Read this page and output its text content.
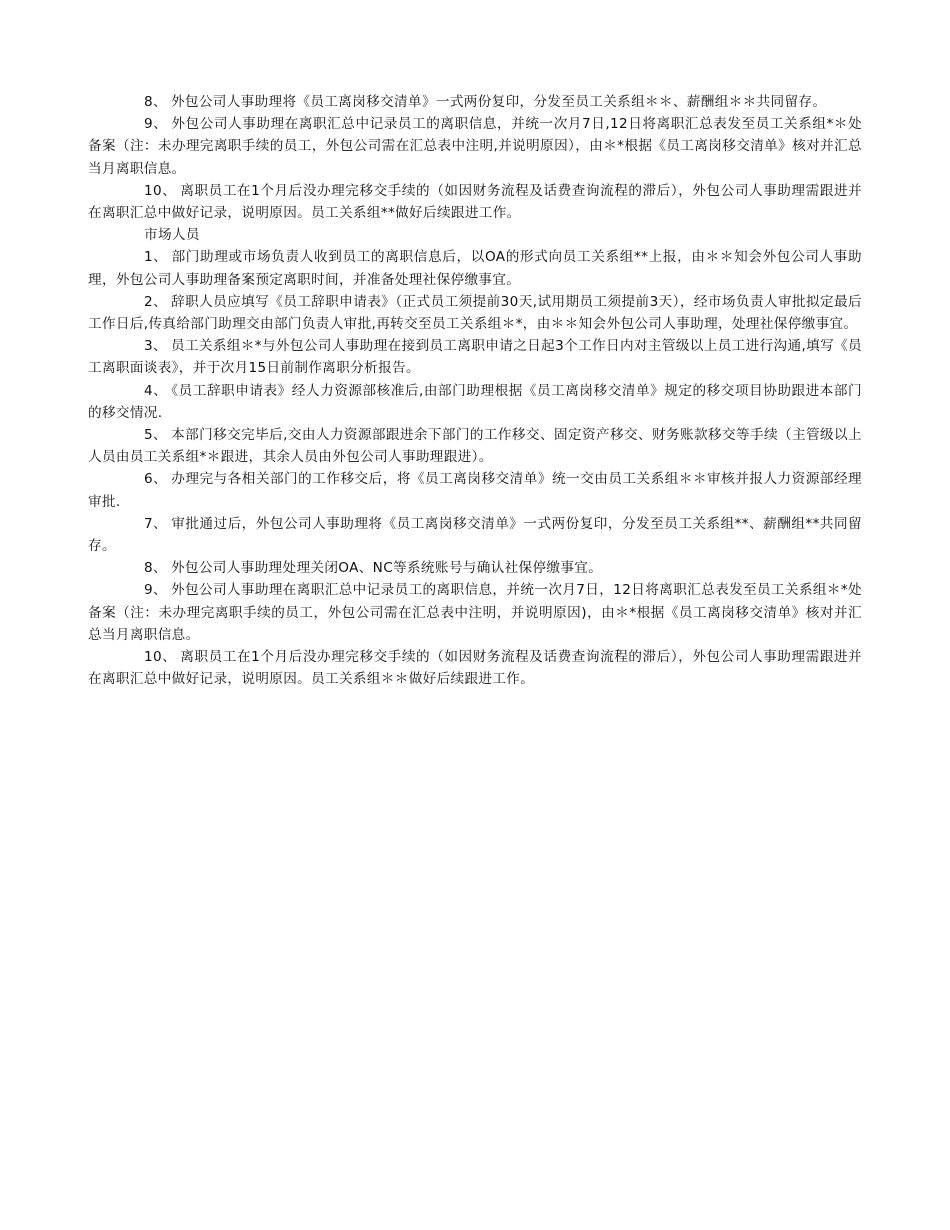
8、 外包公司人事助理将《员工离岗移交清单》一式两份复印，分发至员工关系组＊＊、薪酬组＊＊共同留存。

9、 外包公司人事助理在离职汇总中记录员工的离职信息，并统一次月7日,12日将离职汇总表发至员工关系组*＊处备案（注：未办理完离职手续的员工，外包公司需在汇总表中注明,并说明原因），由＊*根据《员工离岗移交清单》核对并汇总当月离职信息。

10、 离职员工在1个月后没办理完移交手续的（如因财务流程及话费查询流程的滞后），外包公司人事助理需跟进并在离职汇总中做好记录，说明原因。员工关系组**做好后续跟进工作。

市场人员

1、 部门助理或市场负责人收到员工的离职信息后，以OA的形式向员工关系组**上报，由＊＊知会外包公司人事助理，外包公司人事助理备案预定离职时间，并准备处理社保停缴事宜。

2、 辞职人员应填写《员工辞职申请表》（正式员工须提前30天,试用期员工须提前3天），经市场负责人审批拟定最后工作日后,传真给部门助理交由部门负责人审批,再转交至员工关系组＊*，由＊＊知会外包公司人事助理，处理社保停缴事宜。

3、 员工关系组＊*与外包公司人事助理在接到员工离职申请之日起3个工作日内对主管级以上员工进行沟通,填写《员工离职面谈表》，并于次月15日前制作离职分析报告。

4、 《员工辞职申请表》经人力资源部核准后,由部门助理根据《员工离岗移交清单》规定的移交项目协助跟进本部门的移交情况.

5、 本部门移交完毕后,交由人力资源部跟进余下部门的工作移交、固定资产移交、财务账款移交等手续（主管级以上人员由员工关系组*＊跟进，其余人员由外包公司人事助理跟进）。

6、 办理完与各相关部门的工作移交后，将《员工离岗移交清单》统一交由员工关系组＊＊审核并报人力资源部经理审批.

7、 审批通过后，外包公司人事助理将《员工离岗移交清单》一式两份复印，分发至员工关系组**、薪酬组**共同留存。

8、 外包公司人事助理处理关闭OA、NC等系统账号与确认社保停缴事宜。

9、 外包公司人事助理在离职汇总中记录员工的离职信息，并统一次月7日，12日将离职汇总表发至员工关系组＊*处备案（注：未办理完离职手续的员工，外包公司需在汇总表中注明，并说明原因)，由＊*根据《员工离岗移交清单》核对并汇总当月离职信息。

10、 离职员工在1个月后没办理完移交手续的（如因财务流程及话费查询流程的滞后），外包公司人事助理需跟进并在离职汇总中做好记录，说明原因。员工关系组＊＊做好后续跟进工作。
